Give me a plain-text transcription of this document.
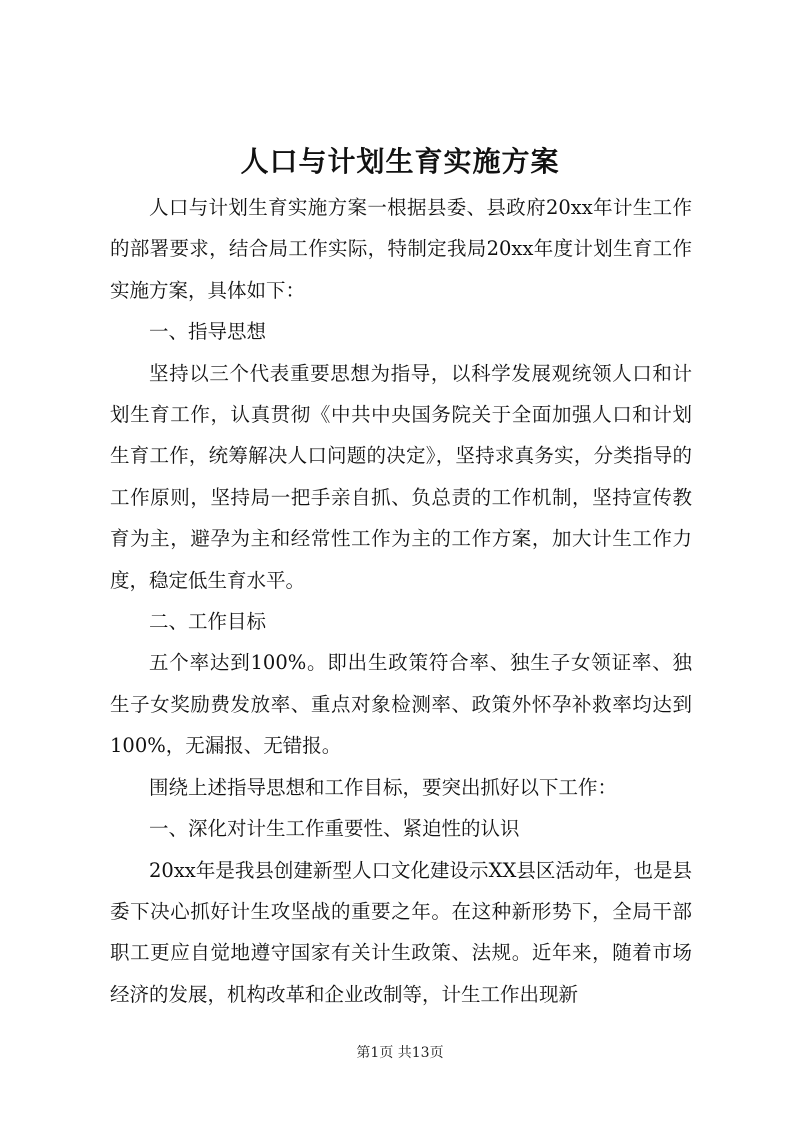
人口与计划生育实施方案

人口与计划生育实施方案一根据县委、县政府20xx年计生工作的部署要求，结合局工作实际，特制定我局20xx年度计划生育工作实施方案，具体如下：

一、指导思想

坚持以三个代表重要思想为指导，以科学发展观统领人口和计划生育工作，认真贯彻《中共中央国务院关于全面加强人口和计划生育工作，统筹解决人口问题的决定》，坚持求真务实，分类指导的工作原则，坚持局一把手亲自抓、负总责的工作机制，坚持宣传教育为主，避孕为主和经常性工作为主的工作方案，加大计生工作力度，稳定低生育水平。

二、工作目标

五个率达到100%。即出生政策符合率、独生子女领证率、独生子女奖励费发放率、重点对象检测率、政策外怀孕补救率均达到100%，无漏报、无错报。

围绕上述指导思想和工作目标，要突出抓好以下工作：

一、深化对计生工作重要性、紧迫性的认识

20xx年是我县创建新型人口文化建设示XX县区活动年，也是县委下决心抓好计生攻坚战的重要之年。在这种新形势下，全局干部职工更应自觉地遵守国家有关计生政策、法规。近年来，随着市场经济的发展，机构改革和企业改制等，计生工作出现新

第1页 共13页
